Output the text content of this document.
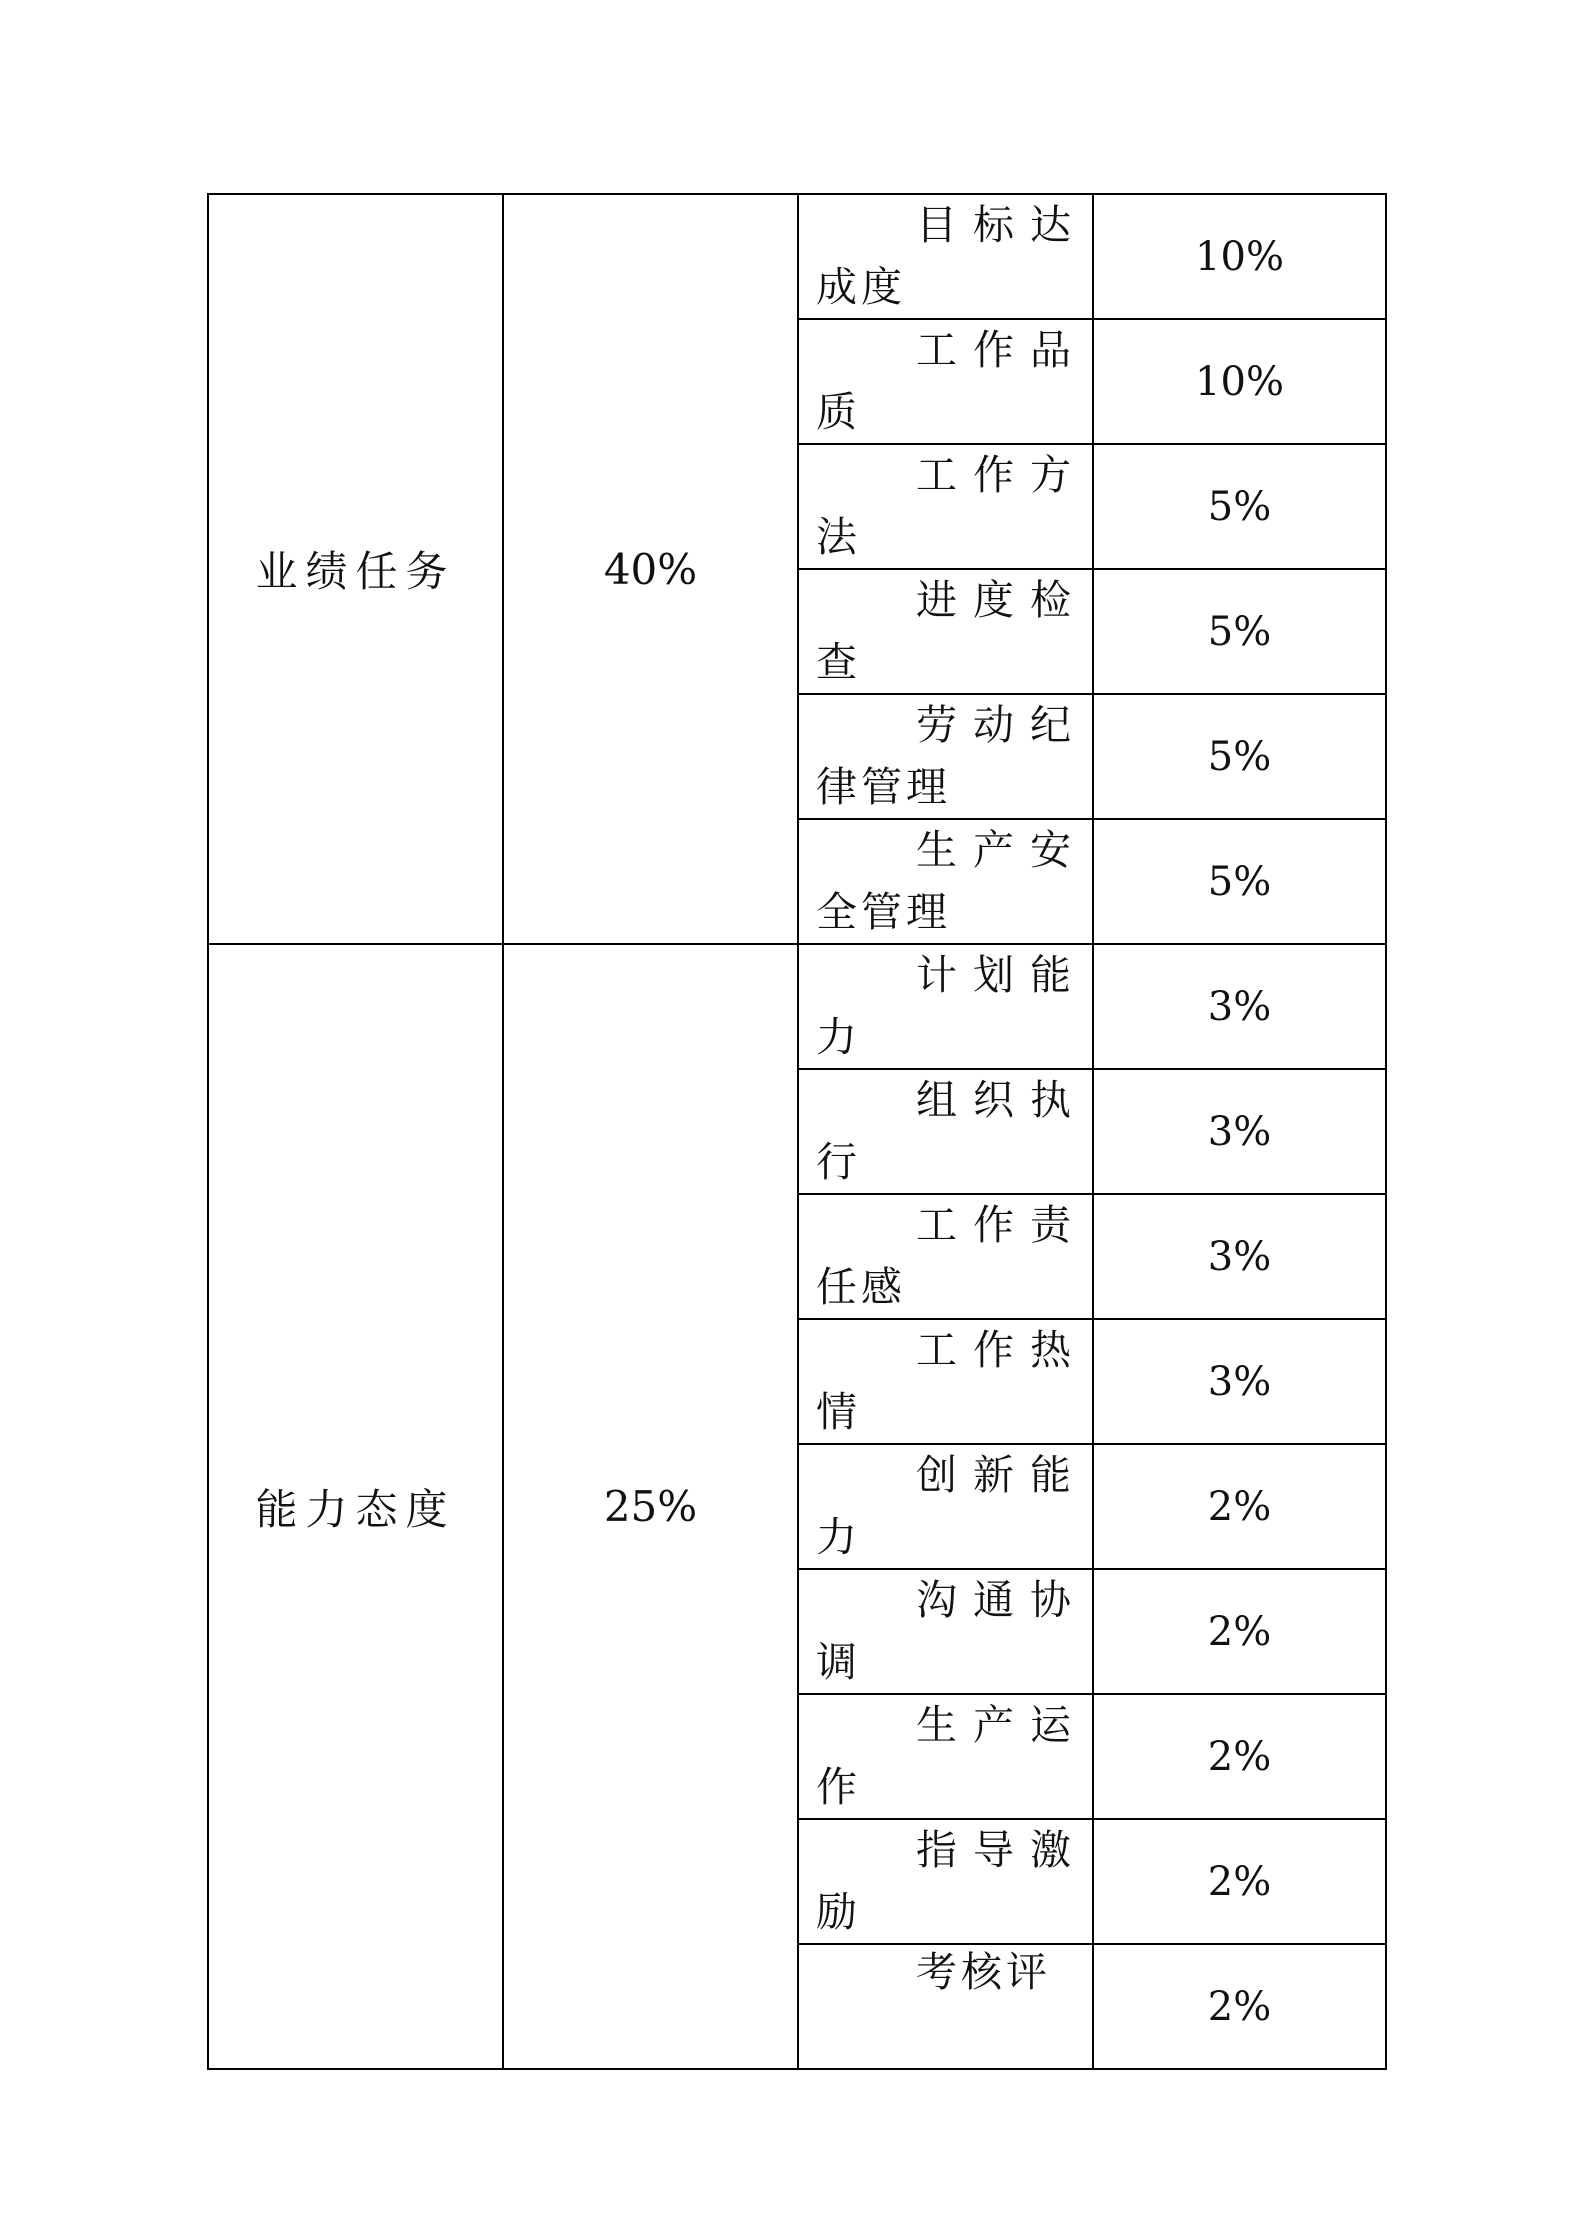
业绩任务	40%	目标达成度	10%

		工作品质	10%

		工作方法	5%

		进度检查	5%

		劳动纪律管理	5%

		生产安全管理	5%
能力态度	25%	计划能力	3%

		组织执行	3%

		工作责任感	3%

		工作热情	3%

		创新能力	2%

		沟通协调	2%

		生产运作	2%

		指导激励	2%

		考核评	2%
